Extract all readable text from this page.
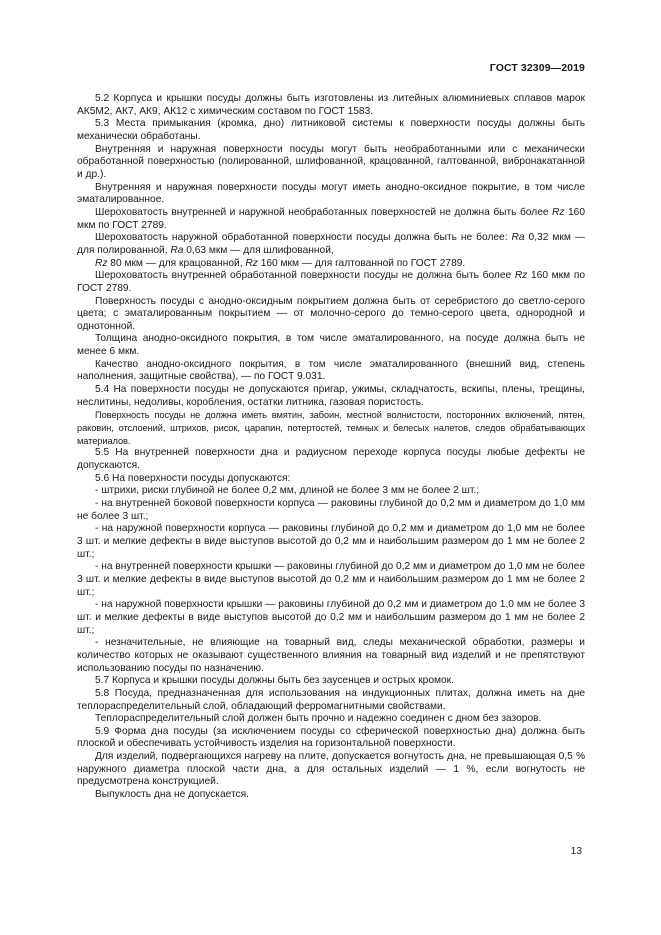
ГОСТ 32309—2019

5.2 Корпуса и крышки посуды должны быть изготовлены из литейных алюминиевых сплавов марок АК5М2, АК7, АК9, АК12 с химическим составом по ГОСТ 1583.

5.3 Места примыкания (кромка, дно) литниковой системы к поверхности посуды должны быть механически обработаны.

Внутренняя и наружная поверхности посуды могут быть необработанными или с механически обработанной поверхностью (полированной, шлифованной, крацованной, галтованной, вибронакатанной и др.).

Внутренняя и наружная поверхности посуды могут иметь анодно-оксидное покрытие, в том числе эматалированное.

Шероховатость внутренней и наружной необработанных поверхностей не должна быть более Rz 160 мкм по ГОСТ 2789.

Шероховатость наружной обработанной поверхности посуды должна быть не более: Ra 0,32 мкм — для полированной, Ra 0,63 мкм — для шлифованной,

Rz 80 мкм — для крацованной, Rz 160 мкм — для галтованной по ГОСТ 2789.

Шероховатость внутренней обработанной поверхности посуды не должна быть более Rz 160 мкм по ГОСТ 2789.

Поверхность посуды с анодно-оксидным покрытием должна быть от серебристого до светло-серого цвета; с эматалированным покрытием — от молочно-серого до темно-серого цвета, однородной и однотонной.

Толщина анодно-оксидного покрытия, в том числе эматалированного, на посуде должна быть не менее 6 мкм.

Качество анодно-оксидного покрытия, в том числе эматалированного (внешний вид, степень наполнения, защитные свойства), — по ГОСТ 9.031.

5.4 На поверхности посуды не допускаются пригар, ужимы, складчатость, вскипы, плены, трещины, неслитины, недоливы, коробления, остатки литника, газовая пористость.

Поверхность посуды не должна иметь вмятин, забоин, местной волнистости, посторонних включений, пятен, раковин, отслоений, штрихов, рисок, царапин, потертостей, темных и белесых налетов, следов обрабатывающих материалов.

5.5 На внутренней поверхности дна и радиусном переходе корпуса посуды любые дефекты не допускаются.

5.6 На поверхности посуды допускаются:

- штрихи, риски глубиной не более 0,2 мм, длиной не более 3 мм не более 2 шт.;

- на внутренней боковой поверхности корпуса — раковины глубиной до 0,2 мм и диаметром до 1,0 мм не более 3 шт.;

- на наружной поверхности корпуса — раковины глубиной до 0,2 мм и диаметром до 1,0 мм не более 3 шт. и мелкие дефекты в виде выступов высотой до 0,2 мм и наибольшим размером до 1 мм не более 2 шт.;

- на внутренней поверхности крышки — раковины глубиной до 0,2 мм и диаметром до 1,0 мм не более 3 шт. и мелкие дефекты в виде выступов высотой до 0,2 мм и наибольшим размером до 1 мм не более 2 шт.;

- на наружной поверхности крышки — раковины глубиной до 0,2 мм и диаметром до 1,0 мм не более 3 шт. и мелкие дефекты в виде выступов высотой до 0,2 мм и наибольшим размером до 1 мм не более 2 шт.;

- незначительные, не влияющие на товарный вид, следы механической обработки, размеры и количество которых не оказывают существенного влияния на товарный вид изделий и не препятствуют использованию посуды по назначению.

5.7 Корпуса и крышки посуды должны быть без заусенцев и острых кромок.

5.8 Посуда, предназначенная для использования на индукционных плитах, должна иметь на дне теплораспределительный слой, обладающий ферромагнитными свойствами.

Теплораспределительный слой должен быть прочно и надежно соединен с дном без зазоров.

5.9 Форма дна посуды (за исключением посуды со сферической поверхностью дна) должна быть плоской и обеспечивать устойчивость изделия на горизонтальной поверхности.

Для изделий, подвергающихся нагреву на плите, допускается вогнутость дна, не превышающая 0,5 % наружного диаметра плоской части дна, а для остальных изделий — 1 %, если вогнутость не предусмотрена конструкцией.

Выпуклость дна не допускается.

13
